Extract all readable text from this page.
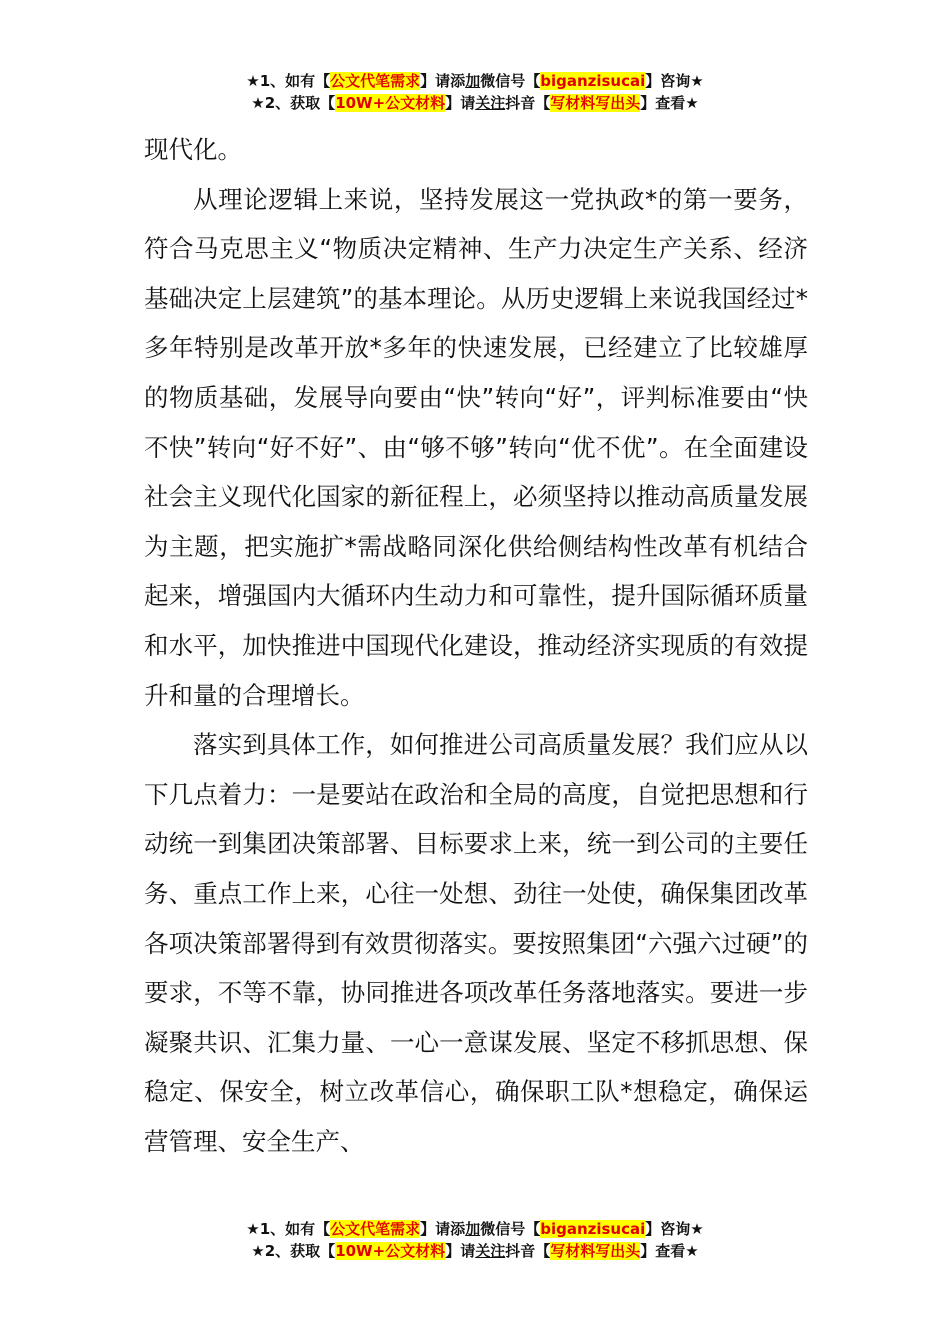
★1、如有【公文代笔需求】请添加微信号【biganzisucai】咨询★
★2、获取【10W+公文材料】请关注抖音【写材料写出头】查看★

现代化。

从理论逻辑上来说，坚持发展这一党执政*的第一要务，符合马克思主义“物质决定精神、生产力决定生产关系、经济基础决定上层建筑”的基本理论。从历史逻辑上来说我国经过*多年特别是改革开放*多年的快速发展，已经建立了比较雄厚的物质基础，发展导向要由“快”转向“好”，评判标准要由“快不快”转向“好不好”、由“够不够”转向“优不优”。在全面建设社会主义现代化国家的新征程上，必须坚持以推动高质量发展为主题，把实施扩*需战略同深化供给侧结构性改革有机结合起来，增强国内大循环内生动力和可靠性，提升国际循环质量和水平，加快推进中国现代化建设，推动经济实现质的有效提升和量的合理增长。

落实到具体工作，如何推进公司高质量发展？我们应从以下几点着力：一是要站在政治和全局的高度，自觉把思想和行动统一到集团决策部署、目标要求上来，统一到公司的主要任务、重点工作上来，心往一处想、劲往一处使，确保集团改革各项决策部署得到有效贯彻落实。要按照集团“六强六过硬”的要求，不等不靠，协同推进各项改革任务落地落实。要进一步凝聚共识、汇集力量、一心一意谋发展、坚定不移抓思想、保稳定、保安全，树立改革信心，确保职工队*想稳定，确保运营管理、安全生产、

★1、如有【公文代笔需求】请添加微信号【biganzisucai】咨询★
★2、获取【10W+公文材料】请关注抖音【写材料写出头】查看★
